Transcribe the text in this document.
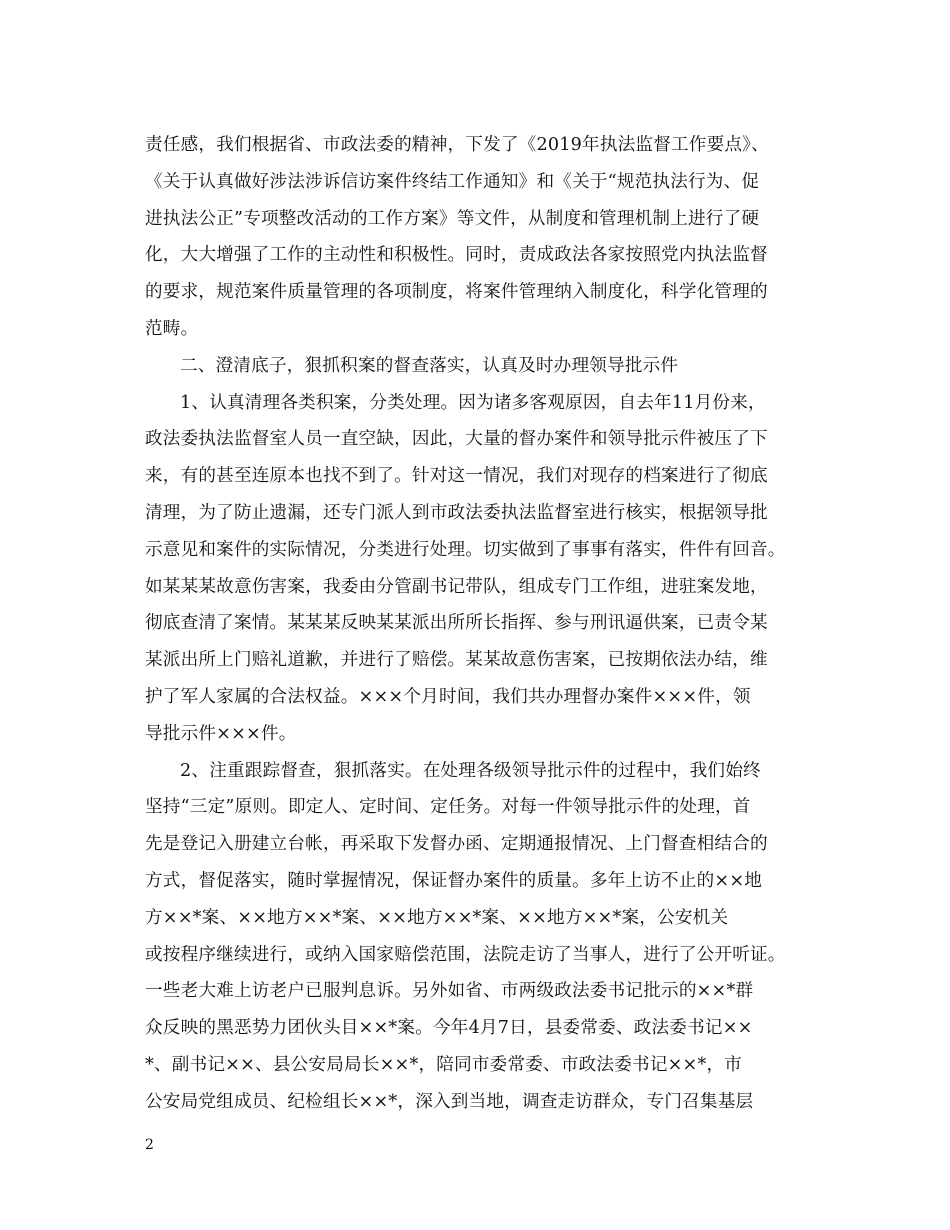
责任感，我们根据省、市政法委的精神，下发了《2019年执法监督工作要点》、
《关于认真做好涉法涉诉信访案件终结工作通知》和《关于“规范执法行为、促
进执法公正”专项整改活动的工作方案》等文件，从制度和管理机制上进行了硬
化，大大增强了工作的主动性和积极性。同时，责成政法各家按照党内执法监督
的要求，规范案件质量管理的各项制度，将案件管理纳入制度化，科学化管理的
范畴。
二、澄清底子，狠抓积案的督查落实，认真及时办理领导批示件
1、认真清理各类积案，分类处理。因为诸多客观原因，自去年11月份来，
政法委执法监督室人员一直空缺，因此，大量的督办案件和领导批示件被压了下
来，有的甚至连原本也找不到了。针对这一情况，我们对现存的档案进行了彻底
清理，为了防止遗漏，还专门派人到市政法委执法监督室进行核实，根据领导批
示意见和案件的实际情况，分类进行处理。切实做到了事事有落实，件件有回音。
如某某某故意伤害案，我委由分管副书记带队，组成专门工作组，进驻案发地，
彻底查清了案情。某某某反映某某派出所所长指挥、参与刑讯逼供案，已责令某
某派出所上门赔礼道歉，并进行了赔偿。某某故意伤害案，已按期依法办结，维
护了军人家属的合法权益。×××个月时间，我们共办理督办案件×××件，领
导批示件×××件。
2、注重跟踪督查，狠抓落实。在处理各级领导批示件的过程中，我们始终
坚持“三定”原则。即定人、定时间、定任务。对每一件领导批示件的处理，首
先是登记入册建立台帐，再采取下发督办函、定期通报情况、上门督查相结合的
方式，督促落实，随时掌握情况，保证督办案件的质量。多年上访不止的××地
方××*案、××地方××*案、××地方××*案、××地方××*案，公安机关
或按程序继续进行，或纳入国家赔偿范围，法院走访了当事人，进行了公开听证。
一些老大难上访老户已服判息诉。另外如省、市两级政法委书记批示的××*群
众反映的黑恶势力团伙头目××*案。今年4月7日，县委常委、政法委书记××
*、副书记××、县公安局局长××*，陪同市委常委、市政法委书记××*，市
公安局党组成员、纪检组长××*，深入到当地，调查走访群众，专门召集基层
2
